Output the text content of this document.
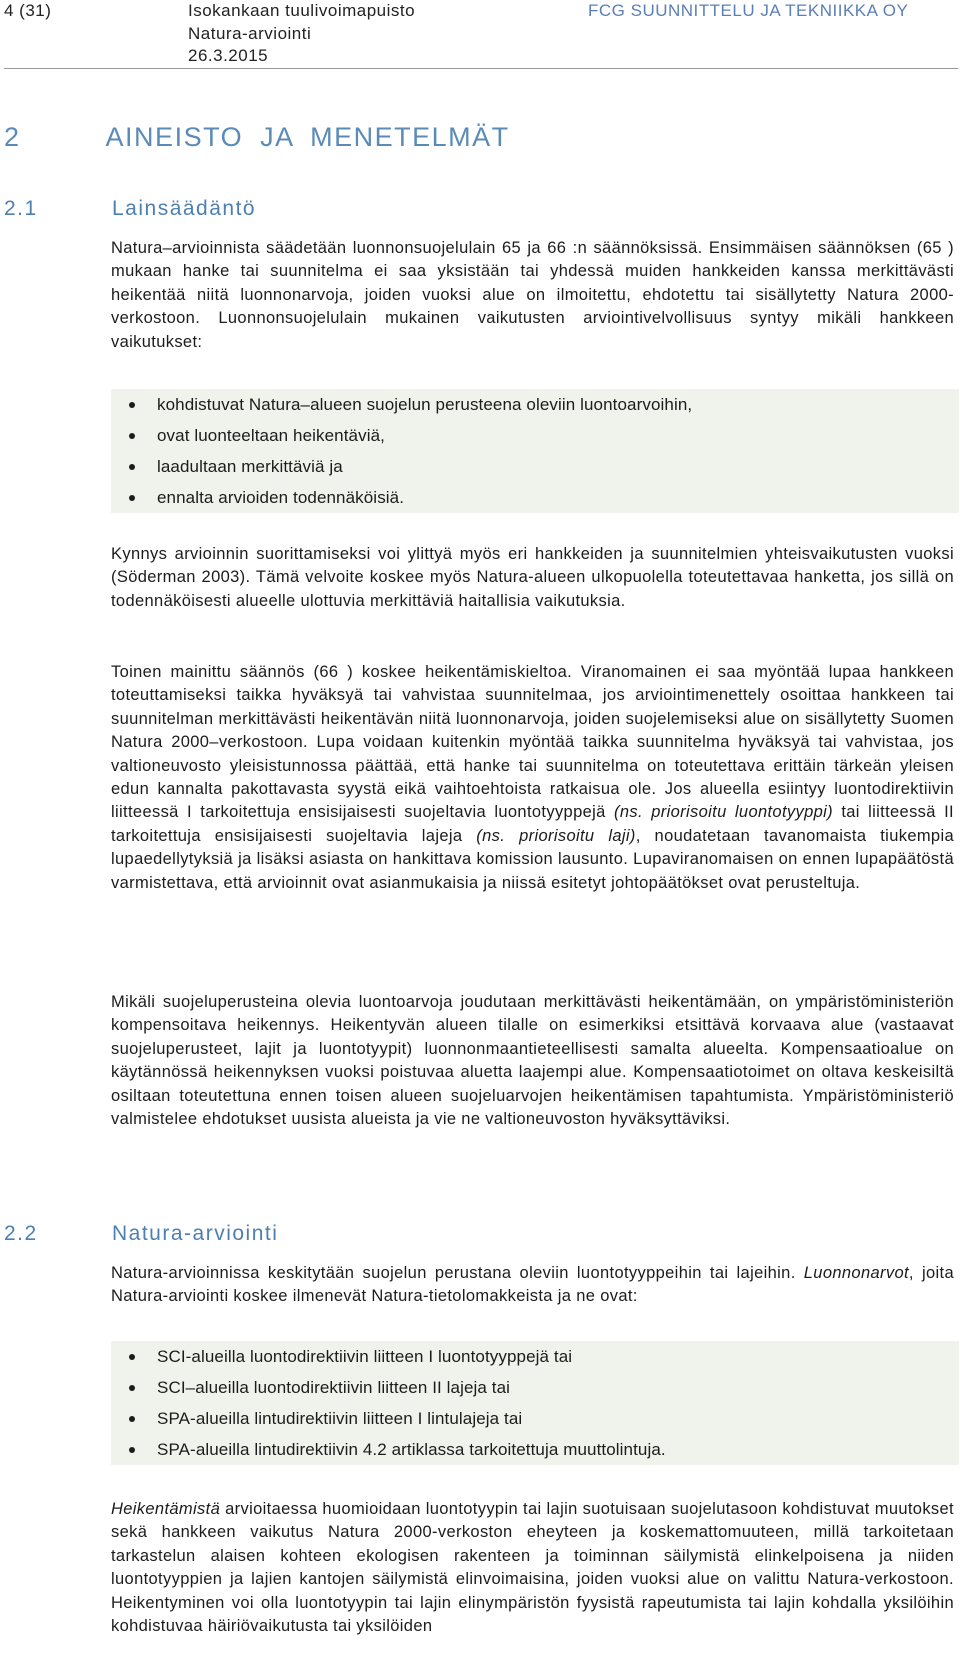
4 (31)	Isokankaan tuulivoimapuisto
Natura-arviointi
26.3.2015
FCG SUUNNITTELU JA TEKNIIKKA OY
2	AINEISTO JA MENETELMÄT
2.1	Lainsäädäntö

Natura–arvioinnista säädetään luonnonsuojelulain 65 ja 66 :n säännöksissä. Ensimmäisen säännöksen (65 ) mukaan hanke tai suunnitelma ei saa yksistään tai yhdessä muiden hankkeiden kanssa merkittävästi heikentää niitä luonnonarvoja, joiden vuoksi alue on ilmoitettu, ehdotettu tai sisällytetty Natura 2000-verkostoon. Luonnonsuojelulain mukainen vaikutusten arviointivelvollisuus syntyy mikäli hankkeen vaikutukset:

kohdistuvat Natura–alueen suojelun perusteena oleviin luontoarvoihin,
ovat luonteeltaan heikentäviä,
laadultaan merkittäviä ja
ennalta arvioiden todennäköisiä.

Kynnys arvioinnin suorittamiseksi voi ylittyä myös eri hankkeiden ja suunnitelmien yhteisvaikutusten vuoksi (Söderman 2003). Tämä velvoite koskee myös Natura-alueen ulkopuolella toteutettavaa hanketta, jos sillä on todennäköisesti alueelle ulottuvia merkittäviä haitallisia vaikutuksia.

Toinen mainittu säännös (66 ) koskee heikentämiskieltoa. Viranomainen ei saa myöntää lupaa hankkeen toteuttamiseksi taikka hyväksyä tai vahvistaa suunnitelmaa, jos arviointimenettely osoittaa hankkeen tai suunnitelman merkittävästi heikentävän niitä luonnonarvoja, joiden suojelemiseksi alue on sisällytetty Suomen Natura 2000–verkostoon. Lupa voidaan kuitenkin myöntää taikka suunnitelma hyväksyä tai vahvistaa, jos valtioneuvosto yleisistunnossa päättää, että hanke tai suunnitelma on toteutettava erittäin tärkeän yleisen edun kannalta pakottavasta syystä eikä vaihtoehtoista ratkaisua ole. Jos alueella esiintyy luontodirektiivin liitteessä I tarkoitettuja ensisijaisesti suojeltavia luontotyyppejä (ns. priorisoitu luontotyyppi) tai liitteessä II tarkoitettuja ensisijaisesti suojeltavia lajeja (ns. priorisoitu laji), noudatetaan tavanomaista tiukempia lupaedellytyksiä ja lisäksi asiasta on hankittava komission lausunto. Lupaviranomaisen on ennen lupapäätöstä varmistettava, että arvioinnit ovat asianmukaisia ja niissä esitetyt johtopäätökset ovat perusteltuja.

Mikäli suojeluperusteina olevia luontoarvoja joudutaan merkittävästi heikentämään, on ympäristöministeriön kompensoitava heikennys. Heikentyvän alueen tilalle on esimerkiksi etsittävä korvaava alue (vastaavat suojeluperusteet, lajit ja luontotyypit) luonnonmaantieteellisesti samalta alueelta. Kompensaatioalue on käytännössä heikennyksen vuoksi poistuvaa aluetta laajempi alue. Kompensaatiotoimet on oltava keskeisiltä osiltaan toteutettuna ennen toisen alueen suojeluarvojen heikentämisen tapahtumista. Ympäristöministeriö valmistelee ehdotukset uusista alueista ja vie ne valtioneuvoston hyväksyttäviksi.

2.2	Natura-arviointi

Natura-arvioinnissa keskitytään suojelun perustana oleviin luontotyyppeihin tai lajeihin. Luonnonarvot, joita Natura-arviointi koskee ilmenevät Natura-tietolomakkeista ja ne ovat:

SCI-alueilla luontodirektiivin liitteen I luontotyyppejä tai
SCI–alueilla luontodirektiivin liitteen II lajeja tai
SPA-alueilla lintudirektiivin liitteen I lintulajeja tai
SPA-alueilla lintudirektiivin 4.2 artiklassa tarkoitettuja muuttolintuja.

Heikentämistä arvioitaessa huomioidaan luontotyypin tai lajin suotuisaan suojelutasoon kohdistuvat muutokset sekä hankkeen vaikutus Natura 2000-verkoston eheyteen ja koskemattomuuteen, millä tarkoitetaan tarkastelun alaisen kohteen ekologisen rakenteen ja toiminnan säilymistä elinkelpoisena ja niiden luontotyyppien ja lajien kantojen säilymistä elinvoimaisina, joiden vuoksi alue on valittu Natura-verkostoon. Heikentyminen voi olla luontotyypin tai lajin elinympäristön fyysistä rapeutumista tai lajin kohdalla yksilöihin kohdistuvaa häiriövaikutusta tai yksilöiden
